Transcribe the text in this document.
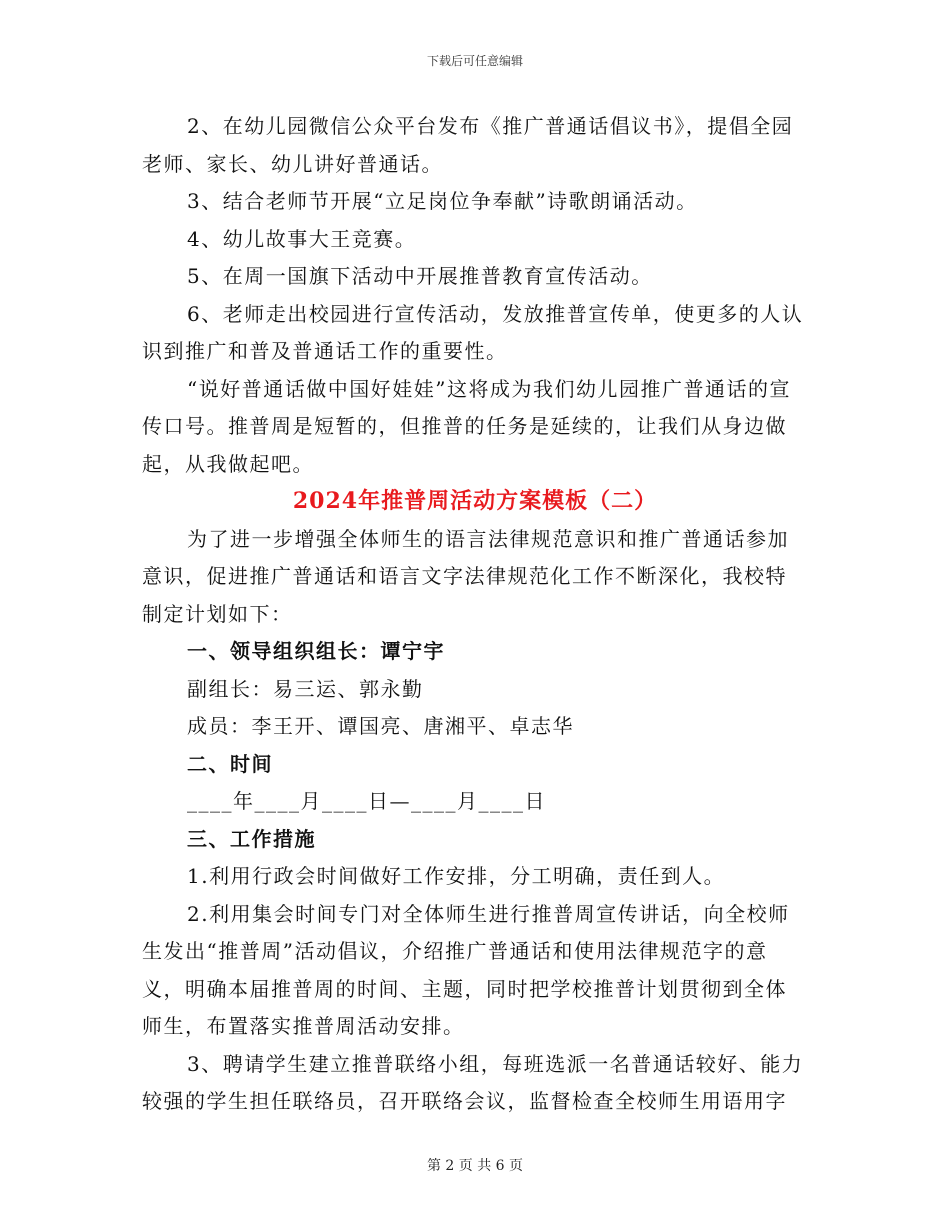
下载后可任意编辑

2、在幼儿园微信公众平台发布《推广普通话倡议书》，提倡全园老师、家长、幼儿讲好普通话。

3、结合老师节开展“立足岗位争奉献”诗歌朗诵活动。

4、幼儿故事大王竞赛。

5、在周一国旗下活动中开展推普教育宣传活动。

6、老师走出校园进行宣传活动，发放推普宣传单，使更多的人认识到推广和普及普通话工作的重要性。

“说好普通话做中国好娃娃”这将成为我们幼儿园推广普通话的宣传口号。推普周是短暂的，但推普的任务是延续的，让我们从身边做起，从我做起吧。

2024年推普周活动方案模板（二）

为了进一步增强全体师生的语言法律规范意识和推广普通话参加意识，促进推广普通话和语言文字法律规范化工作不断深化，我校特制定计划如下：

一、领导组织组长：谭宁宇

副组长：易三运、郭永勤

成员：李王开、谭国亮、唐湘平、卓志华

二、时间

____年____月____日—____月____日

三、工作措施

1.利用行政会时间做好工作安排，分工明确，责任到人。

2.利用集会时间专门对全体师生进行推普周宣传讲话，向全校师生发出“推普周”活动倡议，介绍推广普通话和使用法律规范字的意义，明确本届推普周的时间、主题，同时把学校推普计划贯彻到全体师生，布置落实推普周活动安排。

3、聘请学生建立推普联络小组，每班选派一名普通话较好、能力较强的学生担任联络员，召开联络会议，监督检查全校师生用语用字

第 2 页 共 6 页
